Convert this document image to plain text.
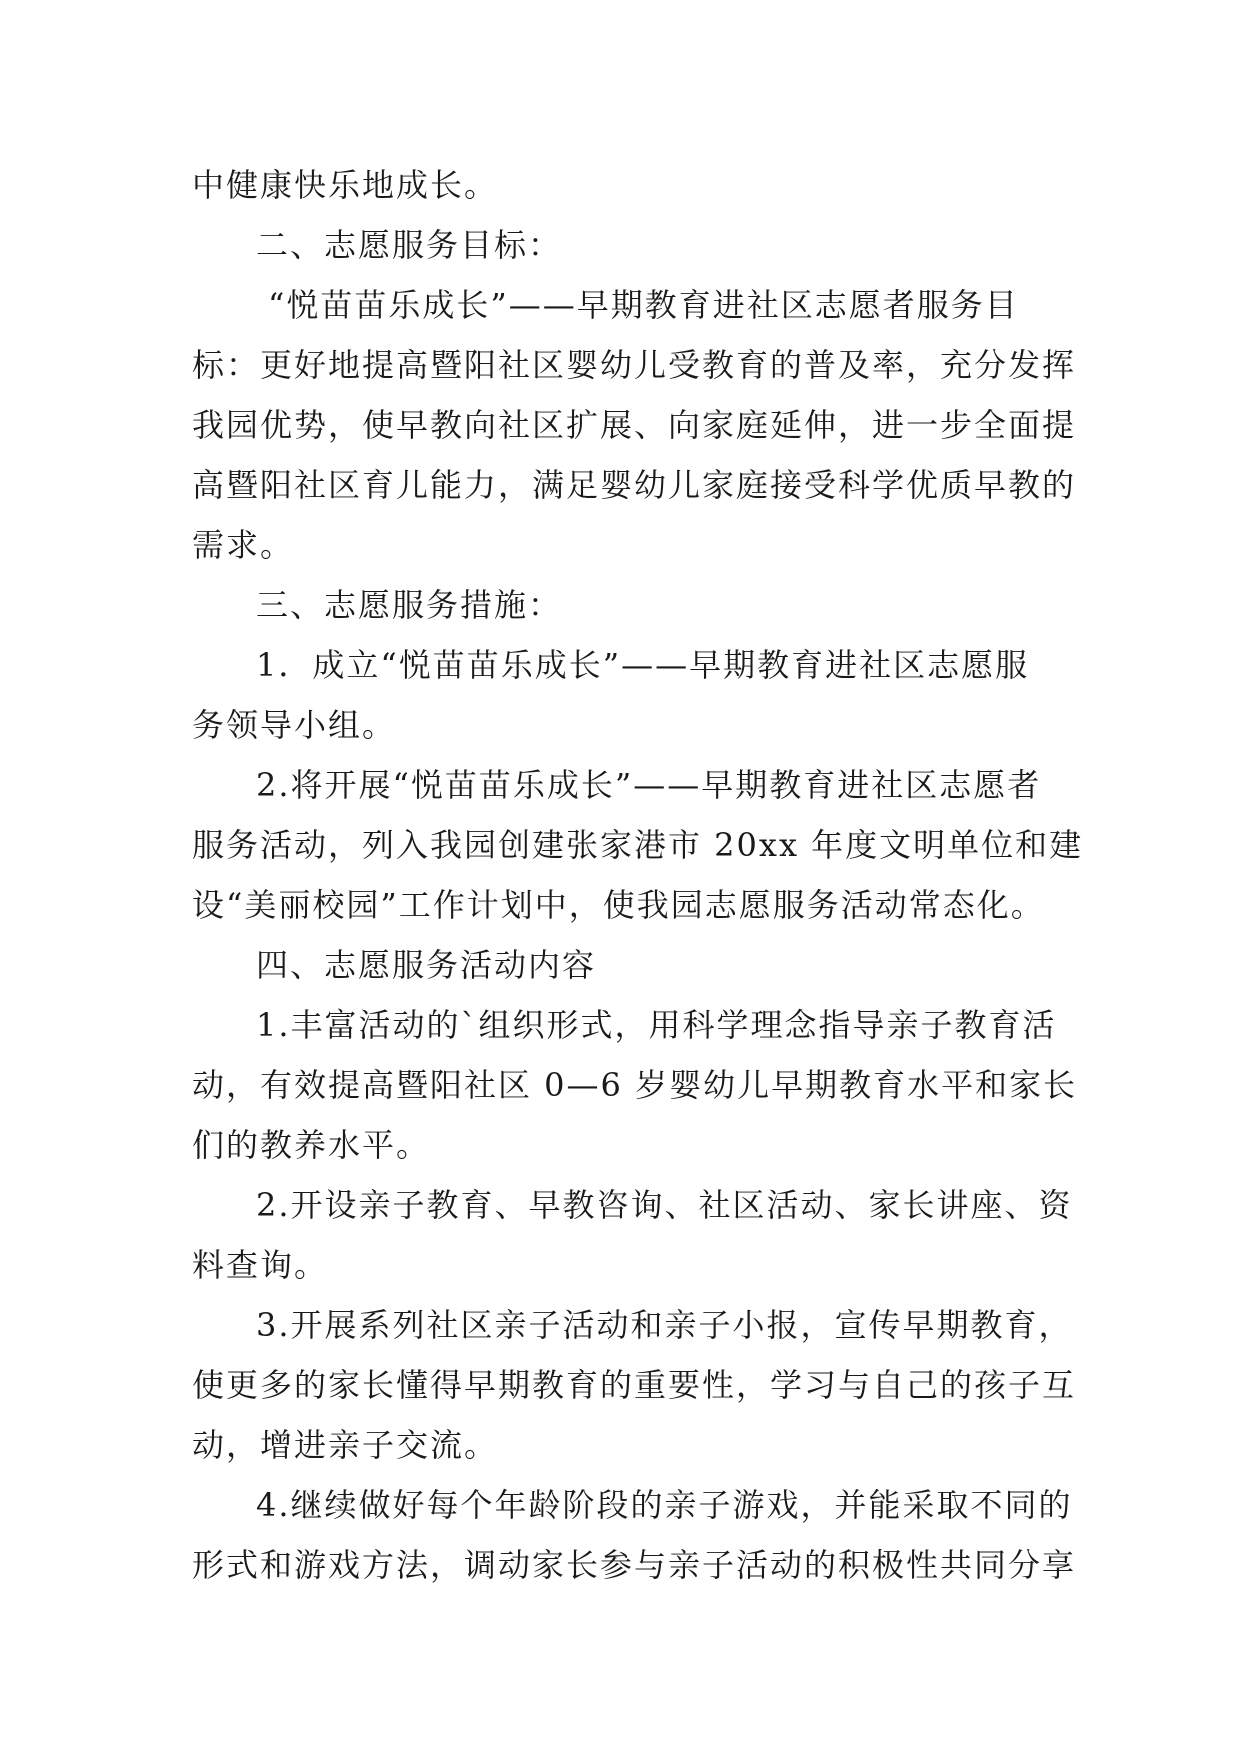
中健康快乐地成长。
二、志愿服务目标：
“悦苗苗乐成长”——早期教育进社区志愿者服务目
标：更好地提高暨阳社区婴幼儿受教育的普及率，充分发挥
我园优势，使早教向社区扩展、向家庭延伸，进一步全面提
高暨阳社区育儿能力，满足婴幼儿家庭接受科学优质早教的
需求。
三、志愿服务措施：
1．成立“悦苗苗乐成长”——早期教育进社区志愿服
务领导小组。
2.将开展“悦苗苗乐成长”——早期教育进社区志愿者
服务活动，列入我园创建张家港市 20xx 年度文明单位和建
设“美丽校园”工作计划中，使我园志愿服务活动常态化。
四、志愿服务活动内容
1.丰富活动的`组织形式，用科学理念指导亲子教育活
动，有效提高暨阳社区 0—6 岁婴幼儿早期教育水平和家长
们的教养水平。
2.开设亲子教育、早教咨询、社区活动、家长讲座、资
料查询。
3.开展系列社区亲子活动和亲子小报，宣传早期教育，
使更多的家长懂得早期教育的重要性，学习与自己的孩子互
动，增进亲子交流。
4.继续做好每个年龄阶段的亲子游戏，并能采取不同的
形式和游戏方法，调动家长参与亲子活动的积极性共同分享
